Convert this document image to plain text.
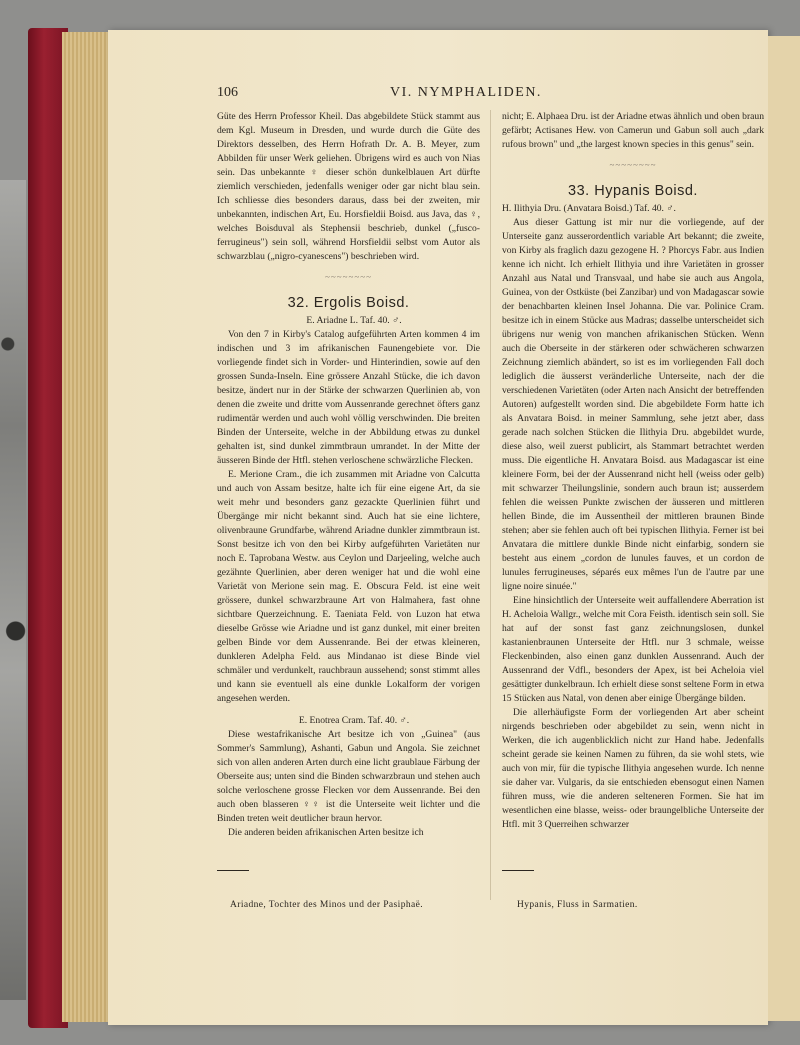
106	VI. NYMPHALIDEN.

Güte des Herrn Professor Kheil. Das abgebildete Stück stammt aus dem Kgl. Museum in Dresden, und wurde durch die Güte des Direktors desselben, des Herrn Hofrath Dr. A. B. Meyer, zum Abbilden für unser Werk geliehen. Übrigens wird es auch von Nias sein. Das unbekannte ♀ dieser schön dunkelblauen Art dürfte ziemlich verschieden, jedenfalls weniger oder gar nicht blau sein. Ich schliesse dies besonders daraus, dass bei der zweiten, mir unbekannten, indischen Art, Eu. Horsfieldii Boisd. aus Java, das ♀, welches Boisduval als Stephensii beschrieb, dunkel („fusco-ferrugineus") sein soll, während Horsfieldii selbst vom Autor als schwarzblau („nigro-cyanescens") beschrieben wird.

~~~~~~~~
32. Ergolis Boisd.

E. Ariadne L. Taf. 40. ♂.

Von den 7 in Kirby's Catalog aufgeführten Arten kommen 4 im indischen und 3 im afrikanischen Faunengebiete vor. Die vorliegende findet sich in Vorder- und Hinterindien, sowie auf den grossen Sunda-Inseln. Eine grössere Anzahl Stücke, die ich davon besitze, ändert nur in der Stärke der schwarzen Querlinien ab, von denen die zweite und dritte vom Aussenrande gerechnet öfters ganz rudimentär werden und auch wohl völlig verschwinden. Die breiten Binden der Unterseite, welche in der Abbildung etwas zu dunkel gehalten ist, sind dunkel zimmtbraun umrandet. In der Mitte der äusseren Binde der Htfl. stehen verloschene schwärzliche Flecken.

E. Merione Cram., die ich zusammen mit Ariadne von Calcutta und auch von Assam besitze, halte ich für eine eigene Art, da sie weit mehr und besonders ganz gezackte Querlinien führt und Übergänge mir nicht bekannt sind. Auch hat sie eine lichtere, olivenbraune Grundfarbe, während Ariadne dunkler zimmtbraun ist. Sonst besitze ich von den bei Kirby aufgeführten Varietäten nur noch E. Taprobana Westw. aus Ceylon und Darjeeling, welche auch gezähnte Querlinien, aber deren weniger hat und die wohl eine Varietät von Merione sein mag. E. Obscura Feld. ist eine weit grössere, dunkel schwarzbraune Art von Halmahera, fast ohne sichtbare Querzeichnung. E. Taeniata Feld. von Luzon hat etwa dieselbe Grösse wie Ariadne und ist ganz dunkel, mit einer breiten gelben Binde vor dem Aussenrande. Bei der etwas kleineren, dunkleren Adelpha Feld. aus Mindanao ist diese Binde viel schmäler und verdunkelt, rauchbraun aussehend; sonst stimmt alles und kann sie eventuell als eine dunkle Lokalform der vorigen angesehen werden.

E. Enotrea Cram. Taf. 40. ♂.

Diese westafrikanische Art besitze ich von „Guinea" (aus Sommer's Sammlung), Ashanti, Gabun und Angola. Sie zeichnet sich von allen anderen Arten durch eine licht graublaue Färbung der Oberseite aus; unten sind die Binden schwarzbraun und stehen auch solche verloschene grosse Flecken vor dem Aussenrande. Bei den auch oben blasseren ♀♀ ist die Unterseite weit lichter und die Binden treten weit deutlicher braun hervor.

Die anderen beiden afrikanischen Arten besitze ich

nicht; E. Alphaea Dru. ist der Ariadne etwas ähnlich und oben braun gefärbt; Actisanes Hew. von Camerun und Gabun soll auch „dark rufous brown" und „the largest known species in this genus" sein.

~~~~~~~~
33. Hypanis Boisd.

H. Ilithyia Dru. (Anvatara Boisd.) Taf. 40. ♂.

Aus dieser Gattung ist mir nur die vorliegende, auf der Unterseite ganz ausserordentlich variable Art bekannt; die zweite, von Kirby als fraglich dazu gezogene H. ? Phorcys Fabr. aus Indien kenne ich nicht. Ich erhielt Ilithyia und ihre Varietäten in grosser Anzahl aus Natal und Transvaal, und habe sie auch aus Angola, Guinea, von der Ostküste (bei Zanzibar) und von Madagascar sowie der benachbarten kleinen Insel Johanna. Die var. Polinice Cram. besitze ich in einem Stücke aus Madras; dasselbe unterscheidet sich übrigens nur wenig von manchen afrikanischen Stücken. Wenn auch die Oberseite in der stärkeren oder schwächeren schwarzen Zeichnung ziemlich abändert, so ist es im vorliegenden Fall doch lediglich die äusserst veränderliche Unterseite, nach der die verschiedenen Varietäten (oder Arten nach Ansicht der betreffenden Autoren) aufgestellt worden sind. Die abgebildete Form hatte ich als Anvatara Boisd. in meiner Sammlung, sehe jetzt aber, dass gerade nach solchen Stücken die Ilithyia Dru. abgebildet wurde, diese also, weil zuerst publicirt, als Stammart betrachtet werden muss. Die eigentliche H. Anvatara Boisd. aus Madagascar ist eine kleinere Form, bei der der Aussenrand nicht hell (weiss oder gelb) mit schwarzer Theilungslinie, sondern auch braun ist; ausserdem fehlen die weissen Punkte zwischen der äusseren und mittleren hellen Binde, die im Aussentheil der mittleren braunen Binde stehen; aber sie fehlen auch oft bei typischen Ilithyia. Ferner ist bei Anvatara die mittlere dunkle Binde nicht einfarbig, sondern sie besteht aus einem „cordon de lunules fauves, et un cordon de lunules ferrugineuses, séparés eux mêmes l'un de l'autre par une ligne noire sinuée."

Eine hinsichtlich der Unterseite weit auffallendere Aberration ist H. Acheloia Wallgr., welche mit Cora Feisth. identisch sein soll. Sie hat auf der sonst fast ganz zeichnungslosen, dunkel kastanienbraunen Unterseite der Htfl. nur 3 schmale, weisse Fleckenbinden, also einen ganz dunklen Aussenrand. Auch der Aussenrand der Vdfl., besonders der Apex, ist bei Acheloia viel gesättigter dunkelbraun. Ich erhielt diese sonst seltene Form in etwa 15 Stücken aus Natal, von denen aber einige Übergänge bilden.

Die allerhäufigste Form der vorliegenden Art aber scheint nirgends beschrieben oder abgebildet zu sein, wenn nicht in Werken, die ich augenblicklich nicht zur Hand habe. Jedenfalls scheint gerade sie keinen Namen zu führen, da sie wohl stets, wie auch von mir, für die typische Ilithyia angesehen wurde. Ich nenne sie daher var. Vulgaris, da sie entschieden ebensogut einen Namen führen muss, wie die anderen selteneren Formen. Sie hat im wesentlichen eine blasse, weiss- oder braungelbliche Unterseite der Htfl. mit 3 Querreihen schwarzer

Ariadne, Tochter des Minos und der Pasiphaë.	Hypanis, Fluss in Sarmatien.
